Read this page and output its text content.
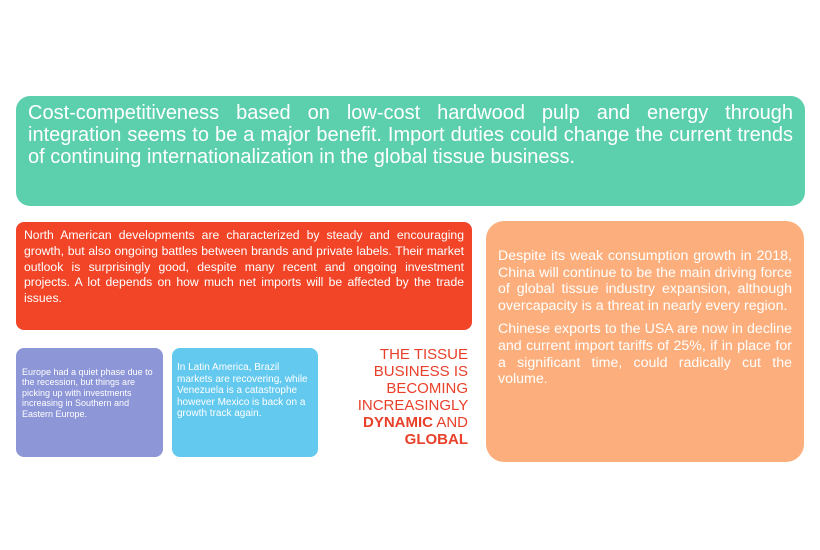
Cost-competitiveness based on low-cost hardwood pulp and energy through integration seems to be a major benefit. Import duties could change the current trends of continuing internationalization in the global tissue business.

North American developments are characterized by steady and encouraging growth, but also ongoing battles between brands and private labels. Their market outlook is surprisingly good, despite many recent and ongoing investment projects. A lot depends on how much net imports will be affected by the trade issues.

Despite its weak consumption growth in 2018, China will continue to be the main driving force of global tissue industry expansion, although overcapacity is a threat in nearly every region.

Chinese exports to the USA are now in decline and current import tariffs of 25%, if in place for a significant time, could radically cut the volume.

Europe had a quiet phase due to the recession, but things are picking up with investments increasing in Southern and Eastern Europe.

In Latin America, Brazil markets are recovering, while Venezuela is a catastrophe however Mexico is back on a growth track again.

THE TISSUE BUSINESS IS BECOMING INCREASINGLY DYNAMIC AND GLOBAL
